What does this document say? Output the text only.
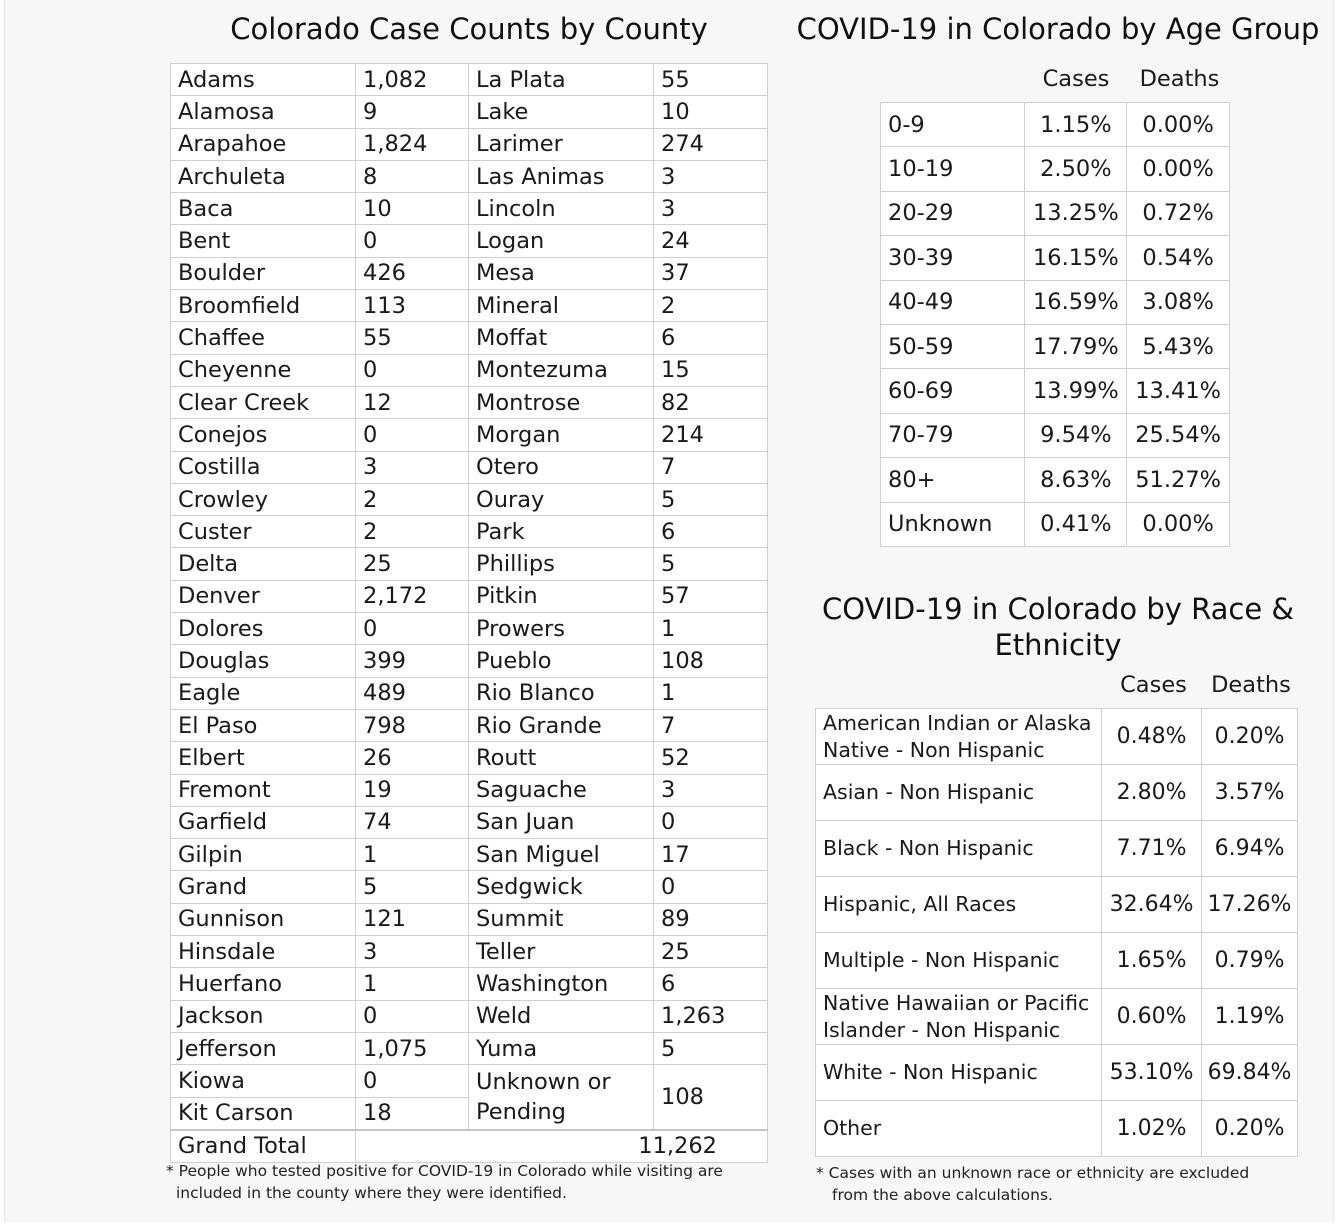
Colorado Case Counts by County
Adams	1,082	La Plata	55
Alamosa	9	Lake	10
Arapahoe	1,824	Larimer	274
Archuleta	8	Las Animas	3
Baca	10	Lincoln	3
Bent	0	Logan	24
Boulder	426	Mesa	37
Broomfield	113	Mineral	2
Chaffee	55	Moffat	6
Cheyenne	0	Montezuma	15
Clear Creek	12	Montrose	82
Conejos	0	Morgan	214
Costilla	3	Otero	7
Crowley	2	Ouray	5
Custer	2	Park	6
Delta	25	Phillips	5
Denver	2,172	Pitkin	57
Dolores	0	Prowers	1
Douglas	399	Pueblo	108
Eagle	489	Rio Blanco	1
El Paso	798	Rio Grande	7
Elbert	26	Routt	52
Fremont	19	Saguache	3
Garfield	74	San Juan	0
Gilpin	1	San Miguel	17
Grand	5	Sedgwick	0
Gunnison	121	Summit	89
Hinsdale	3	Teller	25
Huerfano	1	Washington	6
Jackson	0	Weld	1,263
Jefferson	1,075	Yuma	5
Kiowa	0	Unknown or Pending	108
Kit Carson	18		
Grand Total	11,262		
* People who tested positive for COVID-19 in Colorado while visiting are
included in the county where they were identified.
COVID-19 in Colorado by Age Group
Cases	Deaths
0-9	1.15%	0.00%
10-19	2.50%	0.00%
20-29	13.25%	0.72%
30-39	16.15%	0.54%
40-49	16.59%	3.08%
50-59	17.79%	5.43%
60-69	13.99%	13.41%
70-79	9.54%	25.54%
80+	8.63%	51.27%
Unknown	0.41%	0.00%
COVID-19 in Colorado by Race &
Ethnicity
Cases	Deaths
American Indian or Alaska Native - Non Hispanic	0.48%	0.20%
Asian - Non Hispanic	2.80%	3.57%
Black - Non Hispanic	7.71%	6.94%
Hispanic, All Races	32.64%	17.26%
Multiple - Non Hispanic	1.65%	0.79%
Native Hawaiian or Pacific Islander - Non Hispanic	0.60%	1.19%
White - Non Hispanic	53.10%	69.84%
Other	1.02%	0.20%
* Cases with an unknown race or ethnicity are excluded
from the above calculations.
